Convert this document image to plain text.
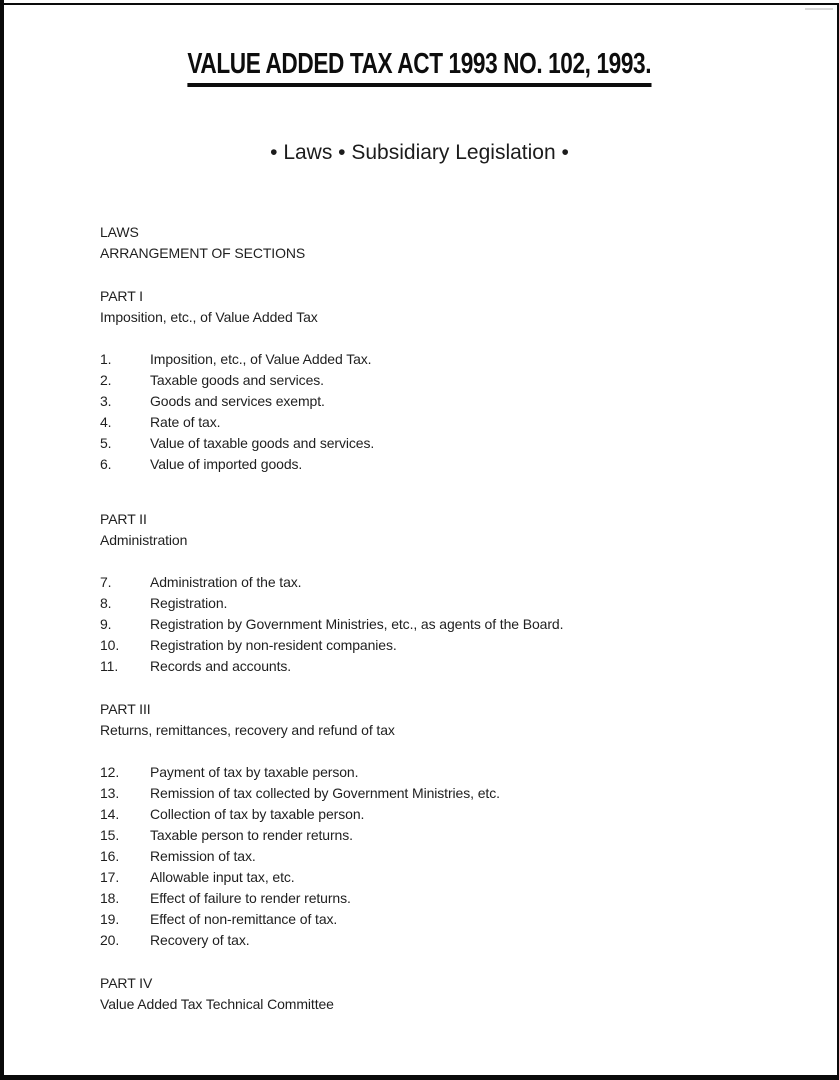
VALUE ADDED TAX ACT 1993 NO. 102, 1993.
• Laws • Subsidiary Legislation •
LAWS
ARRANGEMENT OF SECTIONS
PART I
Imposition, etc., of Value Added Tax
1.	Imposition, etc., of Value Added Tax.
2.	Taxable goods and services.
3.	Goods and services exempt.
4.	Rate of tax.
5.	Value of taxable goods and services.
6.	Value of imported goods.
PART II
Administration
7.	Administration of the tax.
8.	Registration.
9.	Registration by Government Ministries, etc., as agents of the Board.
10.	Registration by non-resident companies.
11.	Records and accounts.
PART III
Returns, remittances, recovery and refund of tax
12.	Payment of tax by taxable person.
13.	Remission of tax collected by Government Ministries, etc.
14.	Collection of tax by taxable person.
15.	Taxable person to render returns.
16.	Remission of tax.
17.	Allowable input tax, etc.
18.	Effect of failure to render returns.
19.	Effect of non-remittance of tax.
20.	Recovery of tax.
PART IV
Value Added Tax Technical Committee
